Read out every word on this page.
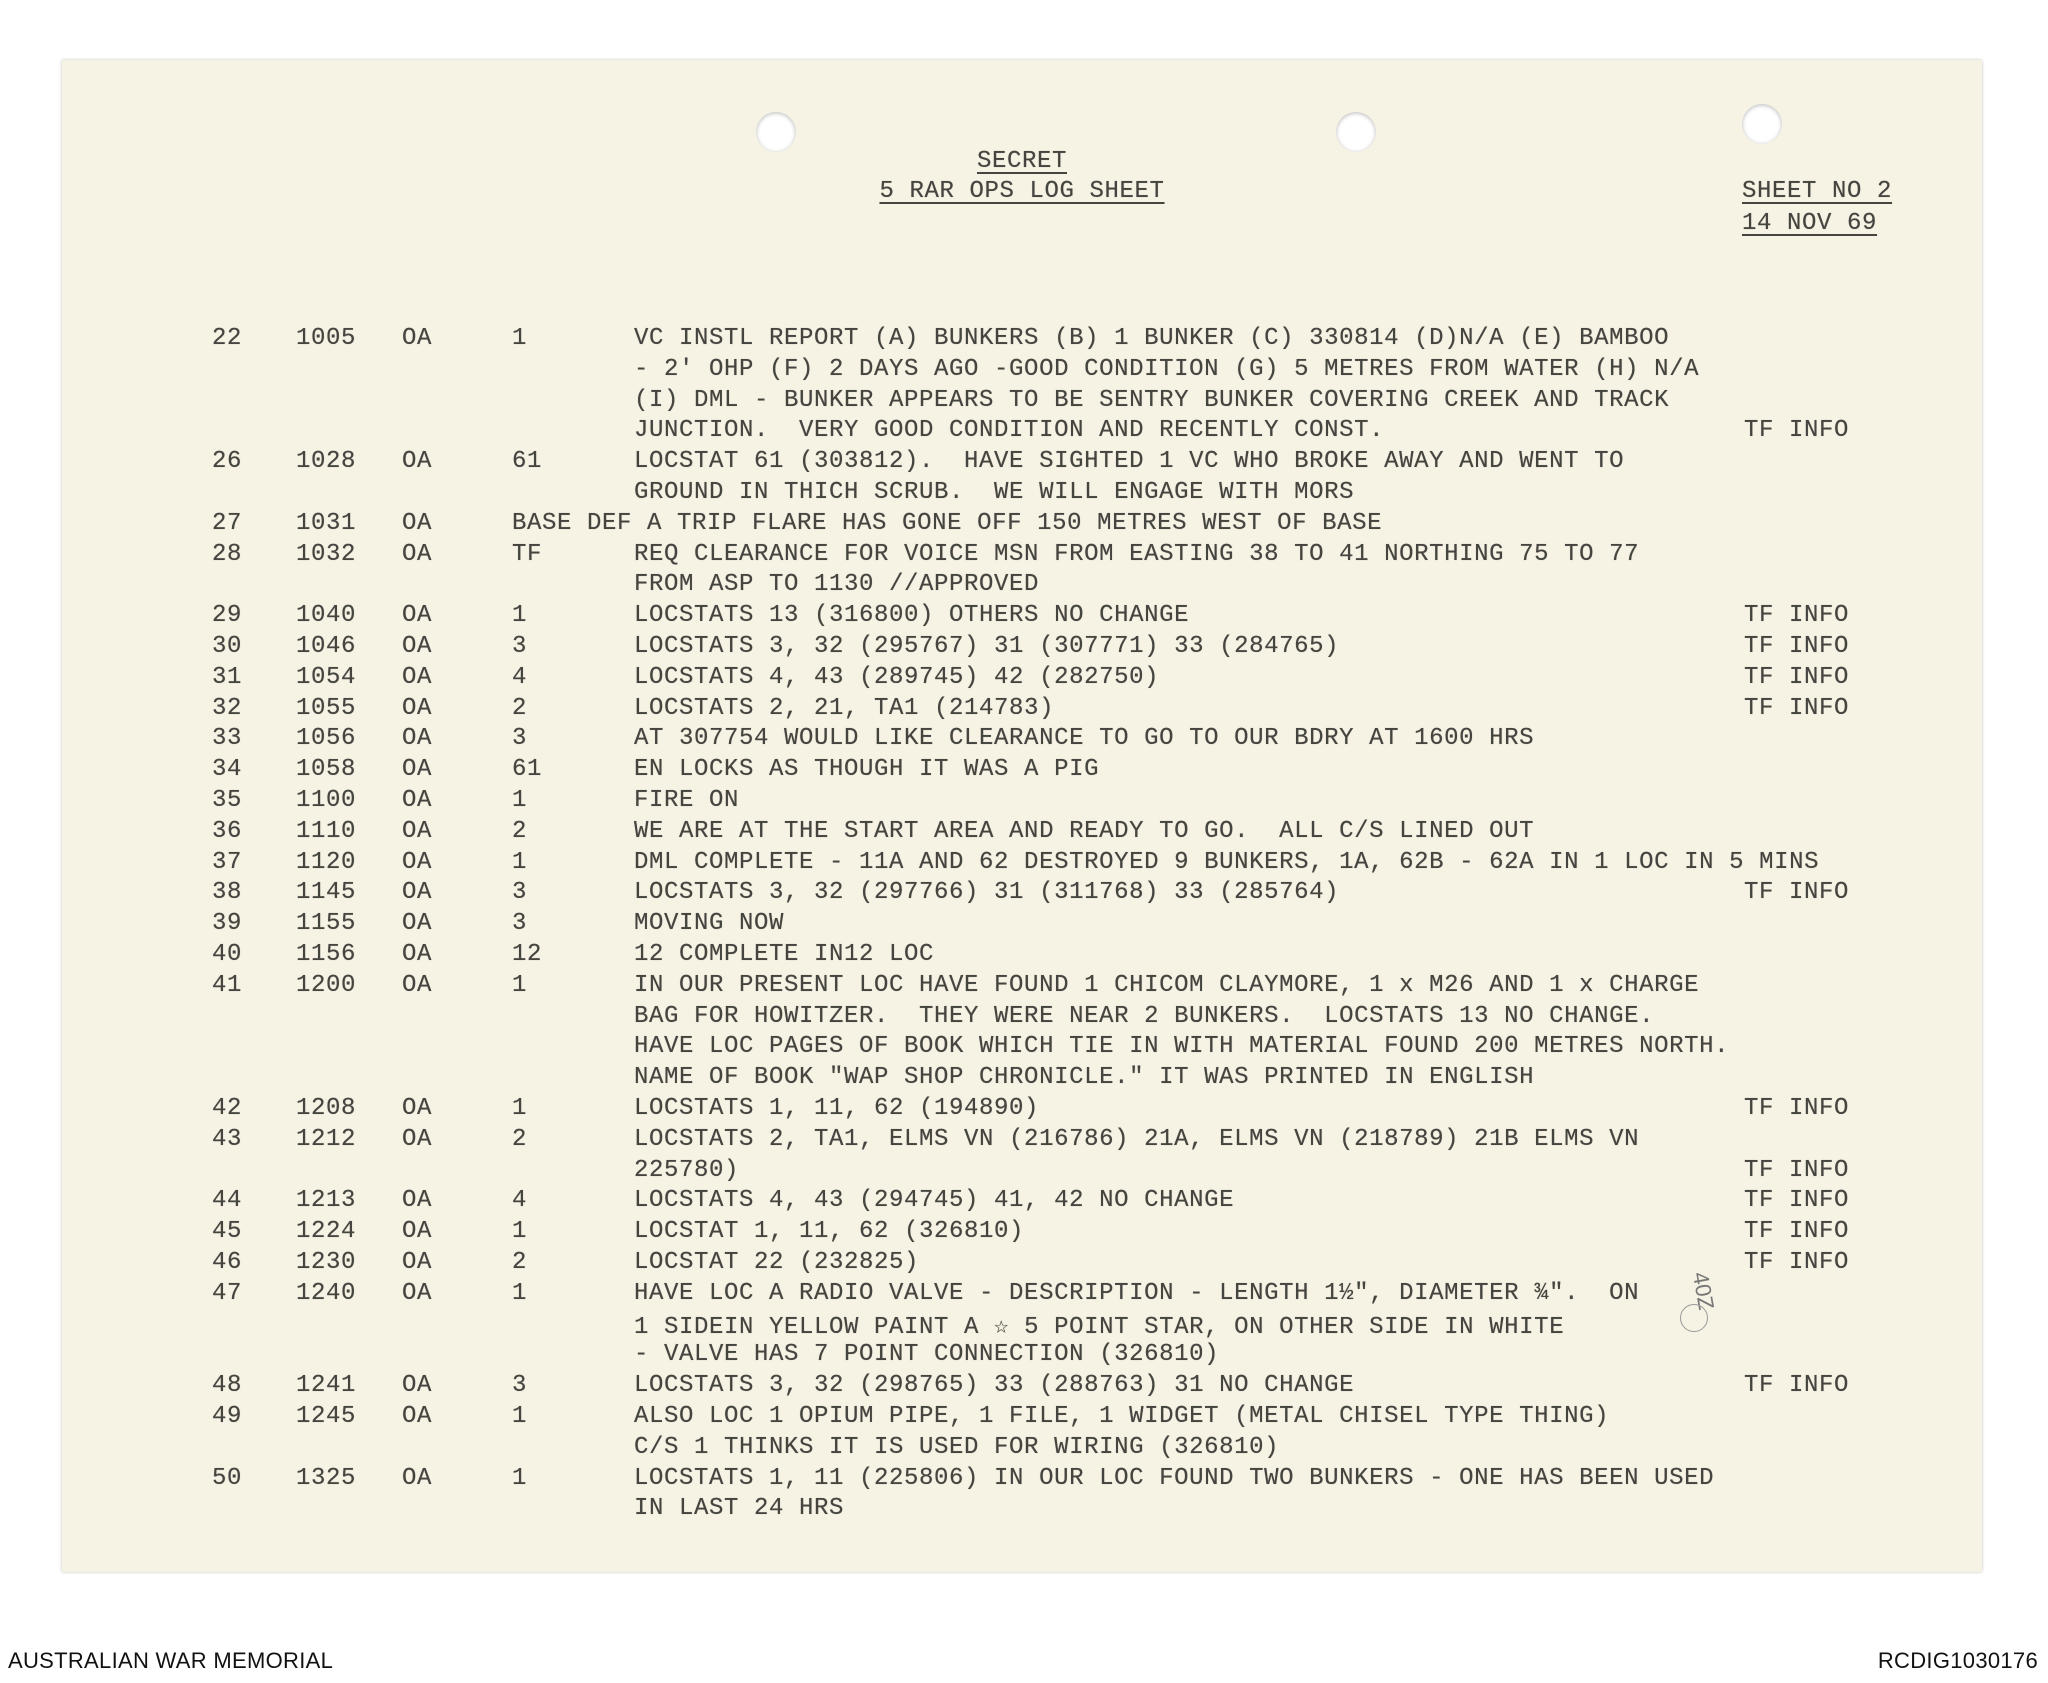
SECRET
5 RAR OPS LOG SHEET	SHEET NO 2
14 NOV 69
22	1005 OA	1	VC INSTL REPORT (A) BUNKERS (B) 1 BUNKER (C) 330814 (D)N/A (E) BAMBOO
- 2' OHP (F) 2 DAYS AGO -GOOD CONDITION (G) 5 METRES FROM WATER (H) N/A
(I) DML - BUNKER APPEARS TO BE SENTRY BUNKER COVERING CREEK AND TRACK
JUNCTION.  VERY GOOD CONDITION AND RECENTLY CONST.	TF INFO
26	1028 OA	61	LOCSTAT 61 (303812).  HAVE SIGHTED 1 VC WHO BROKE AWAY AND WENT TO
GROUND IN THICH SCRUB.  WE WILL ENGAGE WITH MORS
27	1031 OA	BASE DEF A TRIP FLARE HAS GONE OFF 150 METRES WEST OF BASE
28	1032 OA	TF	REQ CLEARANCE FOR VOICE MSN FROM EASTING 38 TO 41 NORTHING 75 TO 77
FROM ASP TO 1130 //APPROVED
29	1040 OA	1	LOCSTATS 13 (316800) OTHERS NO CHANGE	TF INFO
30	1046 OA	3	LOCSTATS 3, 32 (295767) 31 (307771) 33 (284765)	TF INFO
31	1054 OA	4	LOCSTATS 4, 43 (289745) 42 (282750)	TF INFO
32	1055 OA	2	LOCSTATS 2, 21, TA1 (214783)	TF INFO
33	1056 OA	3	AT 307754 WOULD LIKE CLEARANCE TO GO TO OUR BDRY AT 1600 HRS
34	1058 OA	61	EN LOCKS AS THOUGH IT WAS A PIG
35	1100 OA	1	FIRE ON
36	1110 OA	2	WE ARE AT THE START AREA AND READY TO GO.  ALL C/S LINED OUT
37	1120 OA	1	DML COMPLETE - 11A AND 62 DESTROYED 9 BUNKERS, 1A, 62B - 62A IN 1 LOC IN 5 MINS
38	1145 OA	3	LOCSTATS 3, 32 (297766) 31 (311768) 33 (285764)	TF INFO
39	1155 OA	3	MOVING NOW
40	1156 OA	12	12 COMPLETE IN12 LOC
41	1200 OA	1	IN OUR PRESENT LOC HAVE FOUND 1 CHICOM CLAYMORE, 1 x M26 AND 1 x CHARGE
BAG FOR HOWITZER.  THEY WERE NEAR 2 BUNKERS.  LOCSTATS 13 NO CHANGE.
HAVE LOC PAGES OF BOOK WHICH TIE IN WITH MATERIAL FOUND 200 METRES NORTH.
NAME OF BOOK "WAP SHOP CHRONICLE." IT WAS PRINTED IN ENGLISH
42	1208 OA	1	LOCSTATS 1, 11, 62 (194890)	TF INFO
43	1212 OA	2	LOCSTATS 2, TA1, ELMS VN (216786) 21A, ELMS VN (218789) 21B ELMS VN
225780)	TF INFO
44	1213 OA	4	LOCSTATS 4, 43 (294745) 41, 42 NO CHANGE	TF INFO
45	1224 OA	1	LOCSTAT 1, 11, 62 (326810)	TF INFO
46	1230 OA	2	LOCSTAT 22 (232825)	TF INFO
47	1240 OA	1	HAVE LOC A RADIO VALVE - DESCRIPTION - LENGTH 1½", DIAMETER ¾".  ON
1 SIDEIN YELLOW PAINT A ☆ 5 POINT STAR, ON OTHER SIDE IN WHITE
- VALVE HAS 7 POINT CONNECTION (326810)
48	1241 OA	3	LOCSTATS 3, 32 (298765) 33 (288763) 31 NO CHANGE	TF INFO
49	1245 OA	1	ALSO LOC 1 OPIUM PIPE, 1 FILE, 1 WIDGET (METAL CHISEL TYPE THING)
C/S 1 THINKS IT IS USED FOR WIRING (326810)
50	1325 OA	1	LOCSTATS 1, 11 (225806) IN OUR LOC FOUND TWO BUNKERS - ONE HAS BEEN USED
IN LAST 24 HRS
40Z
AUSTRALIAN WAR MEMORIAL	RCDIG1030176
